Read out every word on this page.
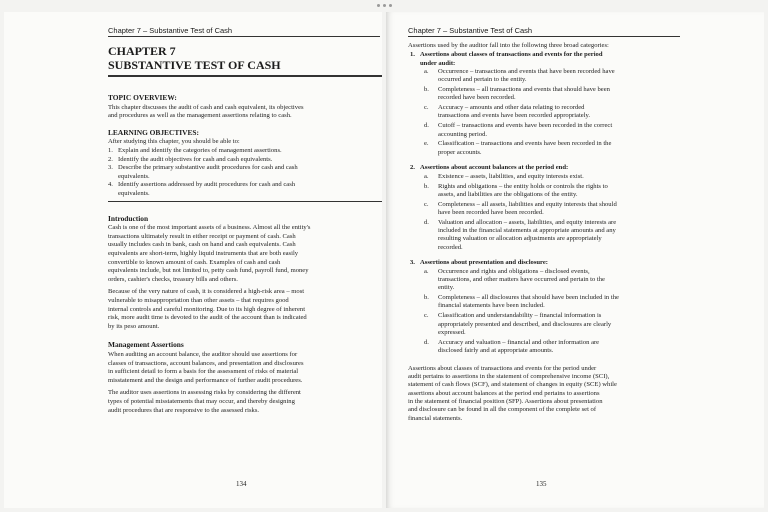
Chapter 7 – Substantive Test of Cash
CHAPTER 7
SUBSTANTIVE TEST OF CASH
TOPIC OVERVIEW:
This chapter discusses the audit of cash and cash equivalent, its objectives
and procedures as well as the management assertions relating to cash.
LEARNING OBJECTIVES:
After studying this chapter, you should be able to:
1. Explain and identify the categories of management assertions.
2. Identify the audit objectives for cash and cash equivalents.
3. Describe the primary substantive audit procedures for cash and cash
equivalents.
4. Identify assertions addressed by audit procedures for cash and cash
equivalents.
Introduction
Cash is one of the most important assets of a business. Almost all the entity's
transactions ultimately result in either receipt or payment of cash. Cash
usually includes cash in bank, cash on hand and cash equivalents. Cash
equivalents are short-term, highly liquid instruments that are both easily
convertible to known amount of cash. Examples of cash and cash
equivalents include, but not limited to, petty cash fund, payroll fund, money
orders, cashier's checks, treasury bills and others.
Because of the very nature of cash, it is considered a high-risk area – most
vulnerable to misappropriation than other assets – that requires good
internal controls and careful monitoring. Due to its high degree of inherent
risk, more audit time is devoted to the audit of the account than is indicated
by its peso amount.
Management Assertions
When auditing an account balance, the auditor should use assertions for
classes of transactions, account balances, and presentation and disclosures
in sufficient detail to form a basis for the assessment of risks of material
misstatement and the design and performance of further audit procedures.
The auditor uses assertions in assessing risks by considering the different
types of potential misstatements that may occur, and thereby designing
audit procedures that are responsive to the assessed risks.
134
Chapter 7 – Substantive Test of Cash
Assertions used by the auditor fall into the following three broad categories:
1. Assertions about classes of transactions and events for the period
under audit:
a. Occurrence – transactions and events that have been recorded have
occurred and pertain to the entity.
b. Completeness – all transactions and events that should have been
recorded have been recorded.
c. Accuracy – amounts and other data relating to recorded
transactions and events have been recorded appropriately.
d. Cutoff – transactions and events have been recorded in the correct
accounting period.
e. Classification – transactions and events have been recorded in the
proper accounts.
2. Assertions about account balances at the period end:
a. Existence – assets, liabilities, and equity interests exist.
b. Rights and obligations – the entity holds or controls the rights to
assets, and liabilities are the obligations of the entity.
c. Completeness – all assets, liabilities and equity interests that should
have been recorded have been recorded.
d. Valuation and allocation – assets, liabilities, and equity interests are
included in the financial statements at appropriate amounts and any
resulting valuation or allocation adjustments are appropriately
recorded.
3. Assertions about presentation and disclosure:
a. Occurrence and rights and obligations – disclosed events,
transactions, and other matters have occurred and pertain to the
entity.
b. Completeness – all disclosures that should have been included in the
financial statements have been included.
c. Classification and understandability – financial information is
appropriately presented and described, and disclosures are clearly
expressed.
d. Accuracy and valuation – financial and other information are
disclosed fairly and at appropriate amounts.
Assertions about classes of transactions and events for the period under
audit pertains to assertions in the statement of comprehensive income (SCI),
statement of cash flows (SCF), and statement of changes in equity (SCE) while
assertions about account balances at the period end pertains to assertions
in the statement of financial position (SFP). Assertions about presentation
and disclosure can be found in all the component of the complete set of
financial statements.
135
